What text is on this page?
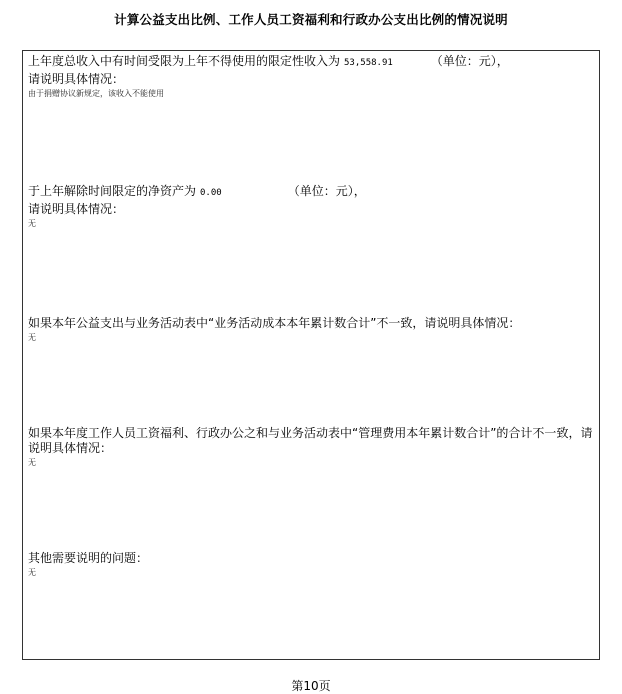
计算公益支出比例、工作人员工资福利和行政办公支出比例的情况说明
上年度总收入中有时间受限为上年不得使用的限定性收入为 53,558.91	（单位：元），
请说明具体情况：
由于捐赠协议新规定，该收入不能使用
于上年解除时间限定的净资产为 0.00	（单位：元），
请说明具体情况：
无
如果本年公益支出与业务活动表中“业务活动成本本年累计数合计”不一致，请说明具体情况：
无
如果本年度工作人员工资福利、行政办公之和与业务活动表中“管理费用本年累计数合计”的合计不一致，请说明具体情况：
无
其他需要说明的问题：
无
第10页
